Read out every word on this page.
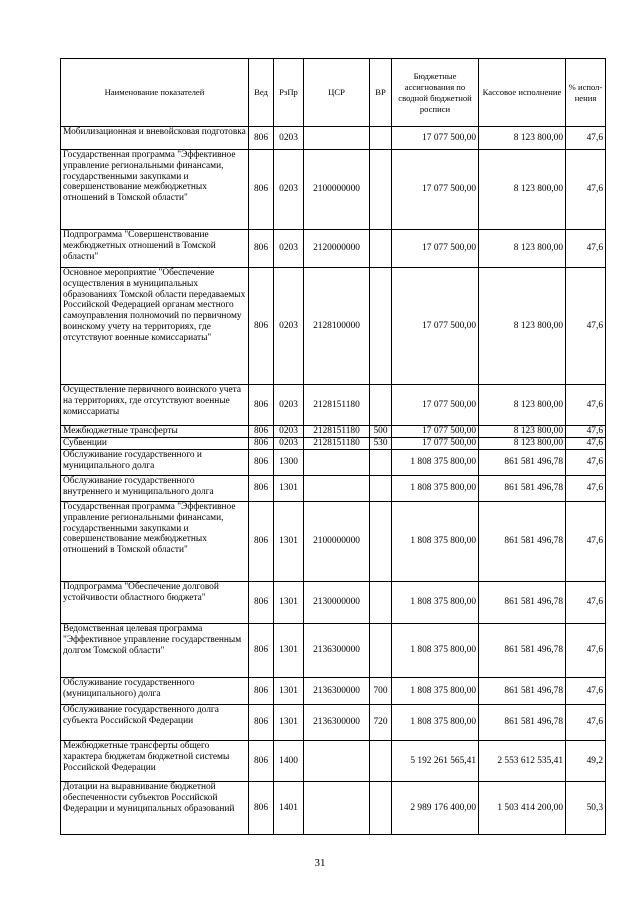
Наименование показателей	Вед	РзПр	ЦСР	ВР	Бюджетные ассигнования по сводной бюджетной росписи	Кассовое исполнение	% испол-нения
Мобилизационная и вневойсковая подготовка	806	0203			17 077 500,00	8 123 800,00	47,6
Государственная программа "Эффективное управление региональными финансами, государственными закупками и совершенствование межбюджетных отношений в Томской области"	806	0203	2100000000		17 077 500,00	8 123 800,00	47,6
Подпрограмма "Совершенствование межбюджетных отношений в Томской области"	806	0203	2120000000		17 077 500,00	8 123 800,00	47,6
Основное мероприятие "Обеспечение осуществления в муниципальных образованиях Томской области передаваемых Российской Федерацией органам местного самоуправления полномочий по первичному воинскому учету на территориях, где отсутствуют военные комиссариаты"	806	0203	2128100000		17 077 500,00	8 123 800,00	47,6
Осуществление первичного воинского учета на территориях, где отсутствуют военные комиссариаты	806	0203	2128151180		17 077 500,00	8 123 800,00	47,6
Межбюджетные трансферты	806	0203	2128151180	500	17 077 500,00	8 123 800,00	47,6
Субвенции	806	0203	2128151180	530	17 077 500,00	8 123 800,00	47,6
Обслуживание государственного и муниципального долга	806	1300			1 808 375 800,00	861 581 496,78	47,6
Обслуживание государственного внутреннего и муниципального долга	806	1301			1 808 375 800,00	861 581 496,78	47,6
Государственная программа "Эффективное управление региональными финансами, государственными закупками и совершенствование межбюджетных отношений в Томской области"	806	1301	2100000000		1 808 375 800,00	861 581 496,78	47,6
Подпрограмма "Обеспечение долговой устойчивости областного бюджета"	806	1301	2130000000		1 808 375 800,00	861 581 496,78	47,6
Ведомственная целевая программа "Эффективное управление государственным долгом Томской области"	806	1301	2136300000		1 808 375 800,00	861 581 496,78	47,6
Обслуживание государственного (муниципального) долга	806	1301	2136300000	700	1 808 375 800,00	861 581 496,78	47,6
Обслуживание государственного долга субъекта Российской Федерации	806	1301	2136300000	720	1 808 375 800,00	861 581 496,78	47,6
Межбюджетные трансферты общего характера бюджетам бюджетной системы Российской Федерации	806	1400			5 192 261 565,41	2 553 612 535,41	49,2
Дотации на выравнивание бюджетной обеспеченности субъектов Российской Федерации и муниципальных образований	806	1401			2 989 176 400,00	1 503 414 200,00	50,3
31
